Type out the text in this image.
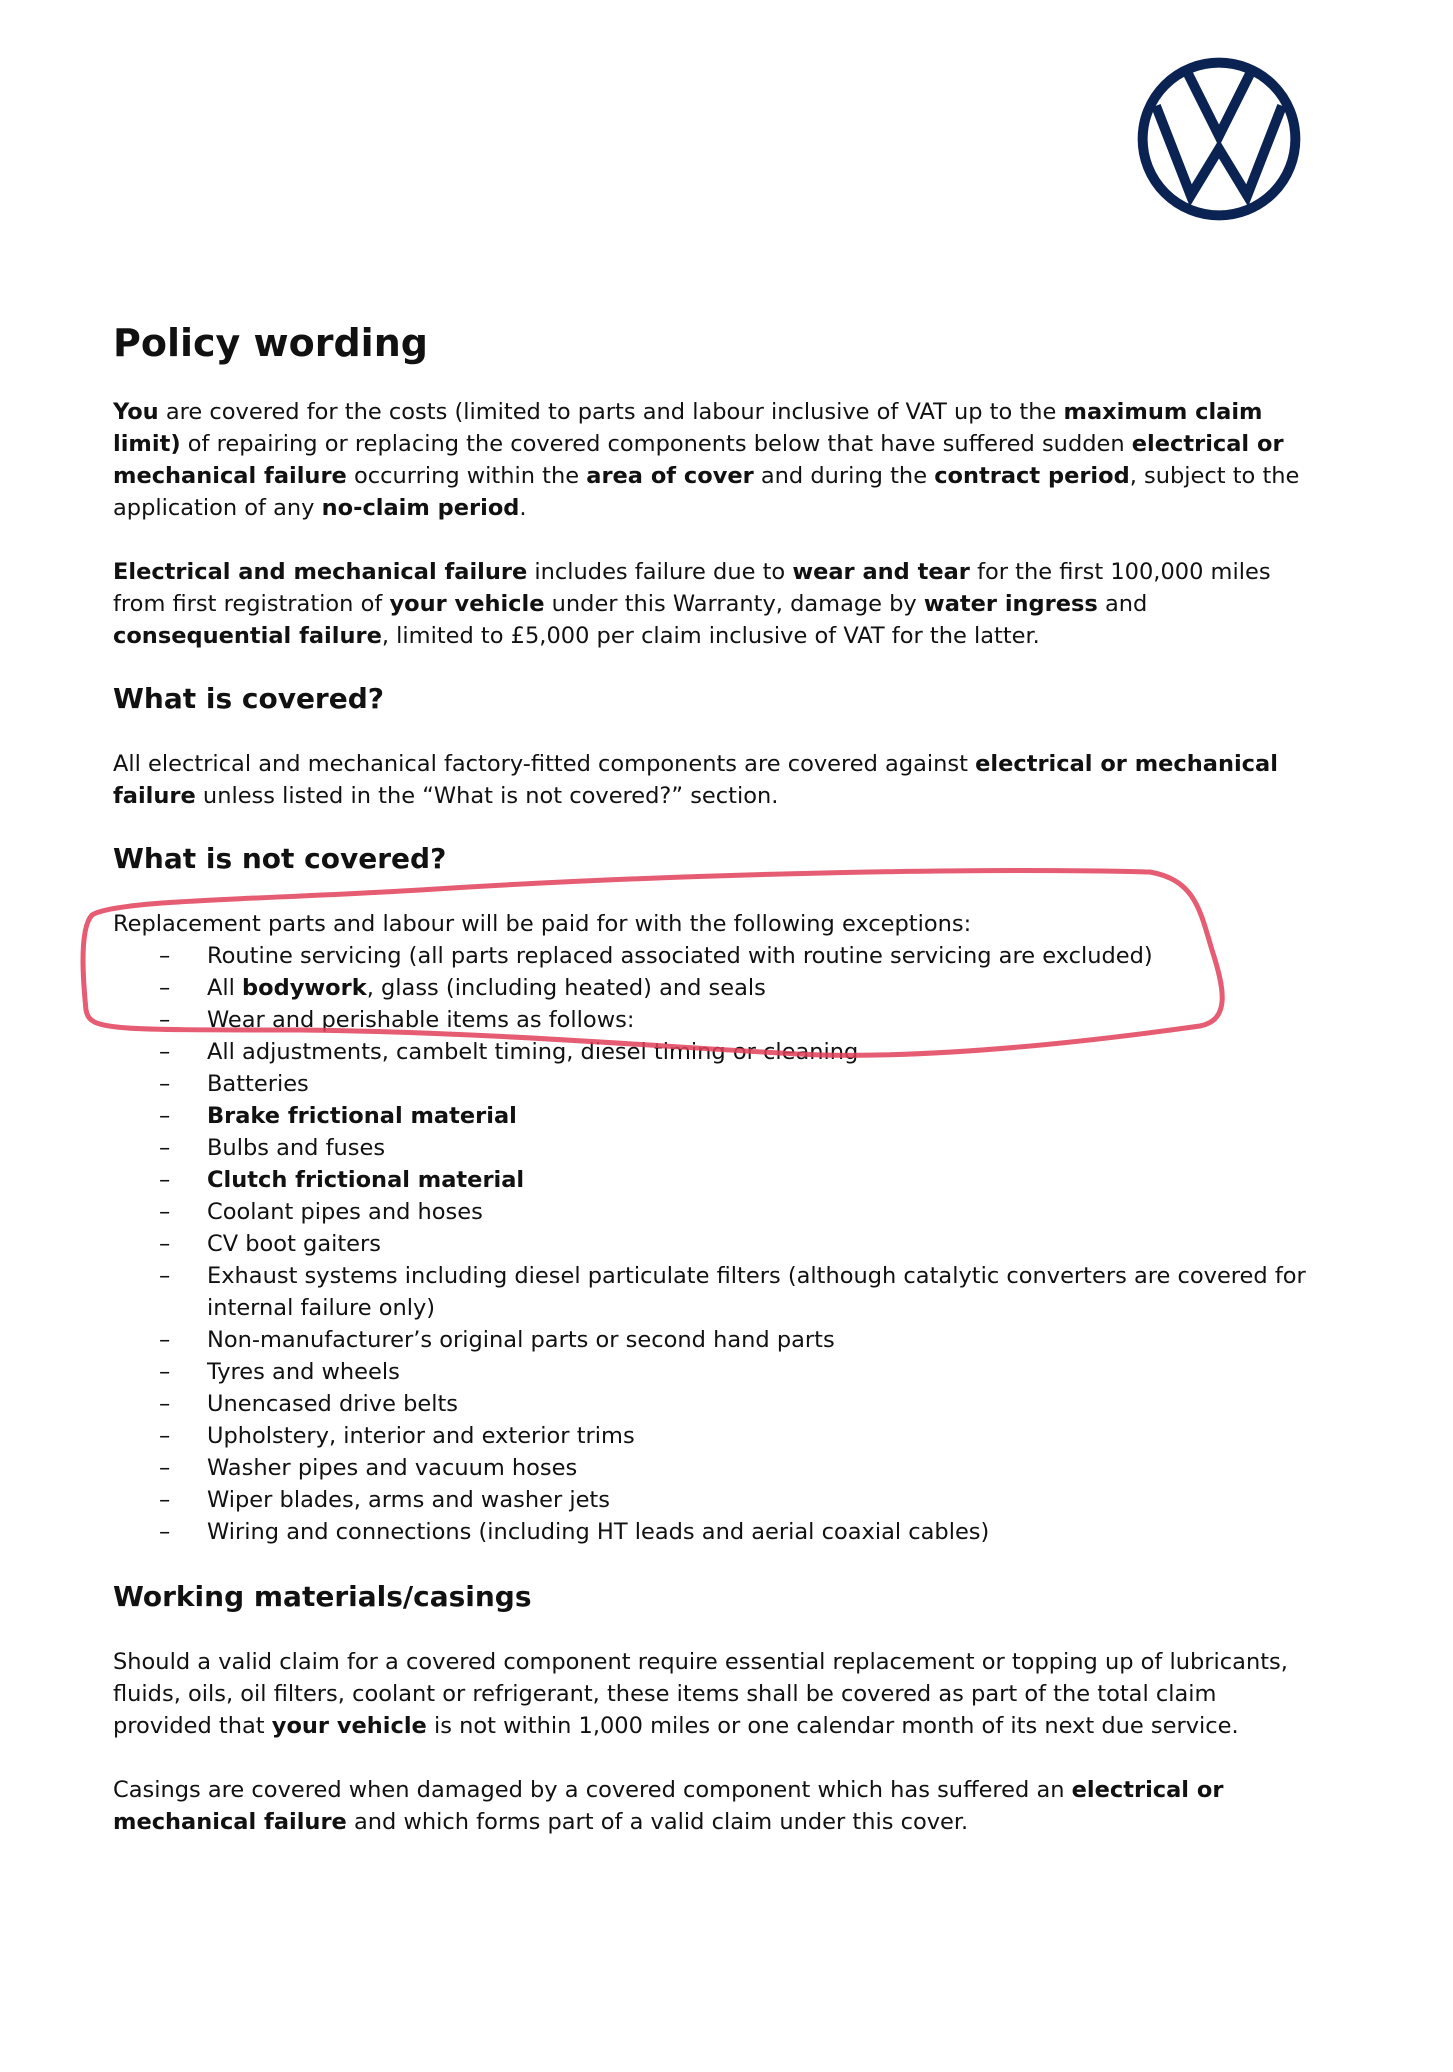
Policy wording

You are covered for the costs (limited to parts and labour inclusive of VAT up to the maximum claim limit) of repairing or replacing the covered components below that have suffered sudden electrical or mechanical failure occurring within the area of cover and during the contract period, subject to the application of any no-claim period.

Electrical and mechanical failure includes failure due to wear and tear for the first 100,000 miles from first registration of your vehicle under this Warranty, damage by water ingress and consequential failure, limited to £5,000 per claim inclusive of VAT for the latter.

What is covered?

All electrical and mechanical factory-fitted components are covered against electrical or mechanical failure unless listed in the “What is not covered?” section.

What is not covered?

Replacement parts and labour will be paid for with the following exceptions:

– Routine servicing (all parts replaced associated with routine servicing are excluded)
– All bodywork, glass (including heated) and seals
– Wear and perishable items as follows:
– All adjustments, cambelt timing, diesel timing or cleaning
– Batteries
– Brake frictional material
– Bulbs and fuses
– Clutch frictional material
– Coolant pipes and hoses
– CV boot gaiters
– Exhaust systems including diesel particulate filters (although catalytic converters are covered for internal failure only)
– Non-manufacturer’s original parts or second hand parts
– Tyres and wheels
– Unencased drive belts
– Upholstery, interior and exterior trims
– Washer pipes and vacuum hoses
– Wiper blades, arms and washer jets
– Wiring and connections (including HT leads and aerial coaxial cables)
Working materials/casings

Should a valid claim for a covered component require essential replacement or topping up of lubricants, fluids, oils, oil filters, coolant or refrigerant, these items shall be covered as part of the total claim provided that your vehicle is not within 1,000 miles or one calendar month of its next due service.

Casings are covered when damaged by a covered component which has suffered an electrical or mechanical failure and which forms part of a valid claim under this cover.
